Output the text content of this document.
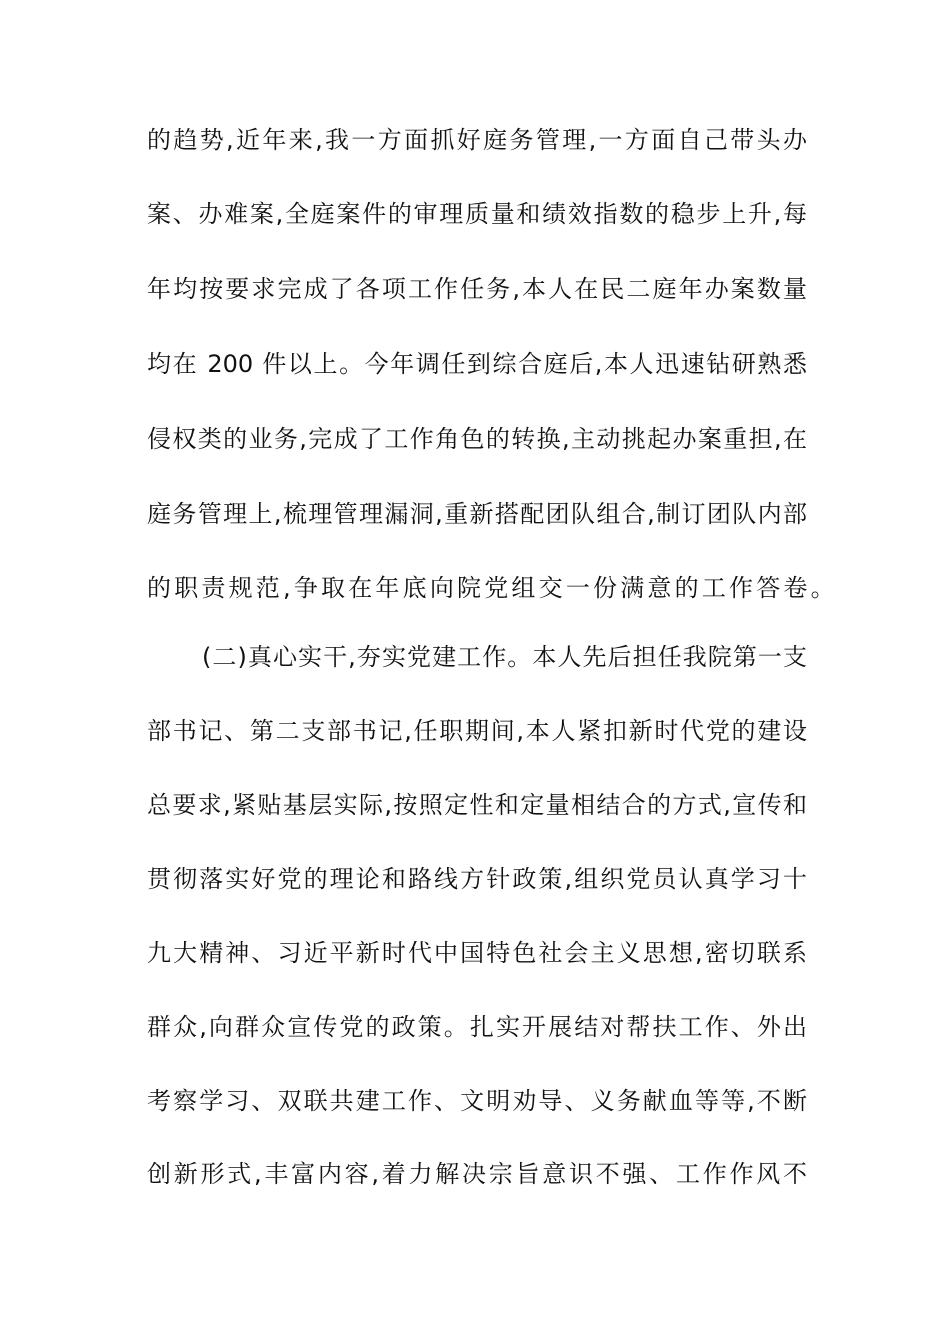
的趋势,近年来,我一方面抓好庭务管理,一方面自己带头办
案、办难案,全庭案件的审理质量和绩效指数的稳步上升,每
年均按要求完成了各项工作任务,本人在民二庭年办案数量
均在 200 件以上。今年调任到综合庭后,本人迅速钻研熟悉
侵权类的业务,完成了工作角色的转换,主动挑起办案重担,在
庭务管理上,梳理管理漏洞,重新搭配团队组合,制订团队内部
的职责规范,争取在年底向院党组交一份满意的工作答卷。
(二)真心实干,夯实党建工作。本人先后担任我院第一支
部书记、第二支部书记,任职期间,本人紧扣新时代党的建设
总要求,紧贴基层实际,按照定性和定量相结合的方式,宣传和
贯彻落实好党的理论和路线方针政策,组织党员认真学习十
九大精神、习近平新时代中国特色社会主义思想,密切联系
群众,向群众宣传党的政策。扎实开展结对帮扶工作、外出
考察学习、双联共建工作、文明劝导、义务献血等等,不断
创新形式,丰富内容,着力解决宗旨意识不强、工作作风不
